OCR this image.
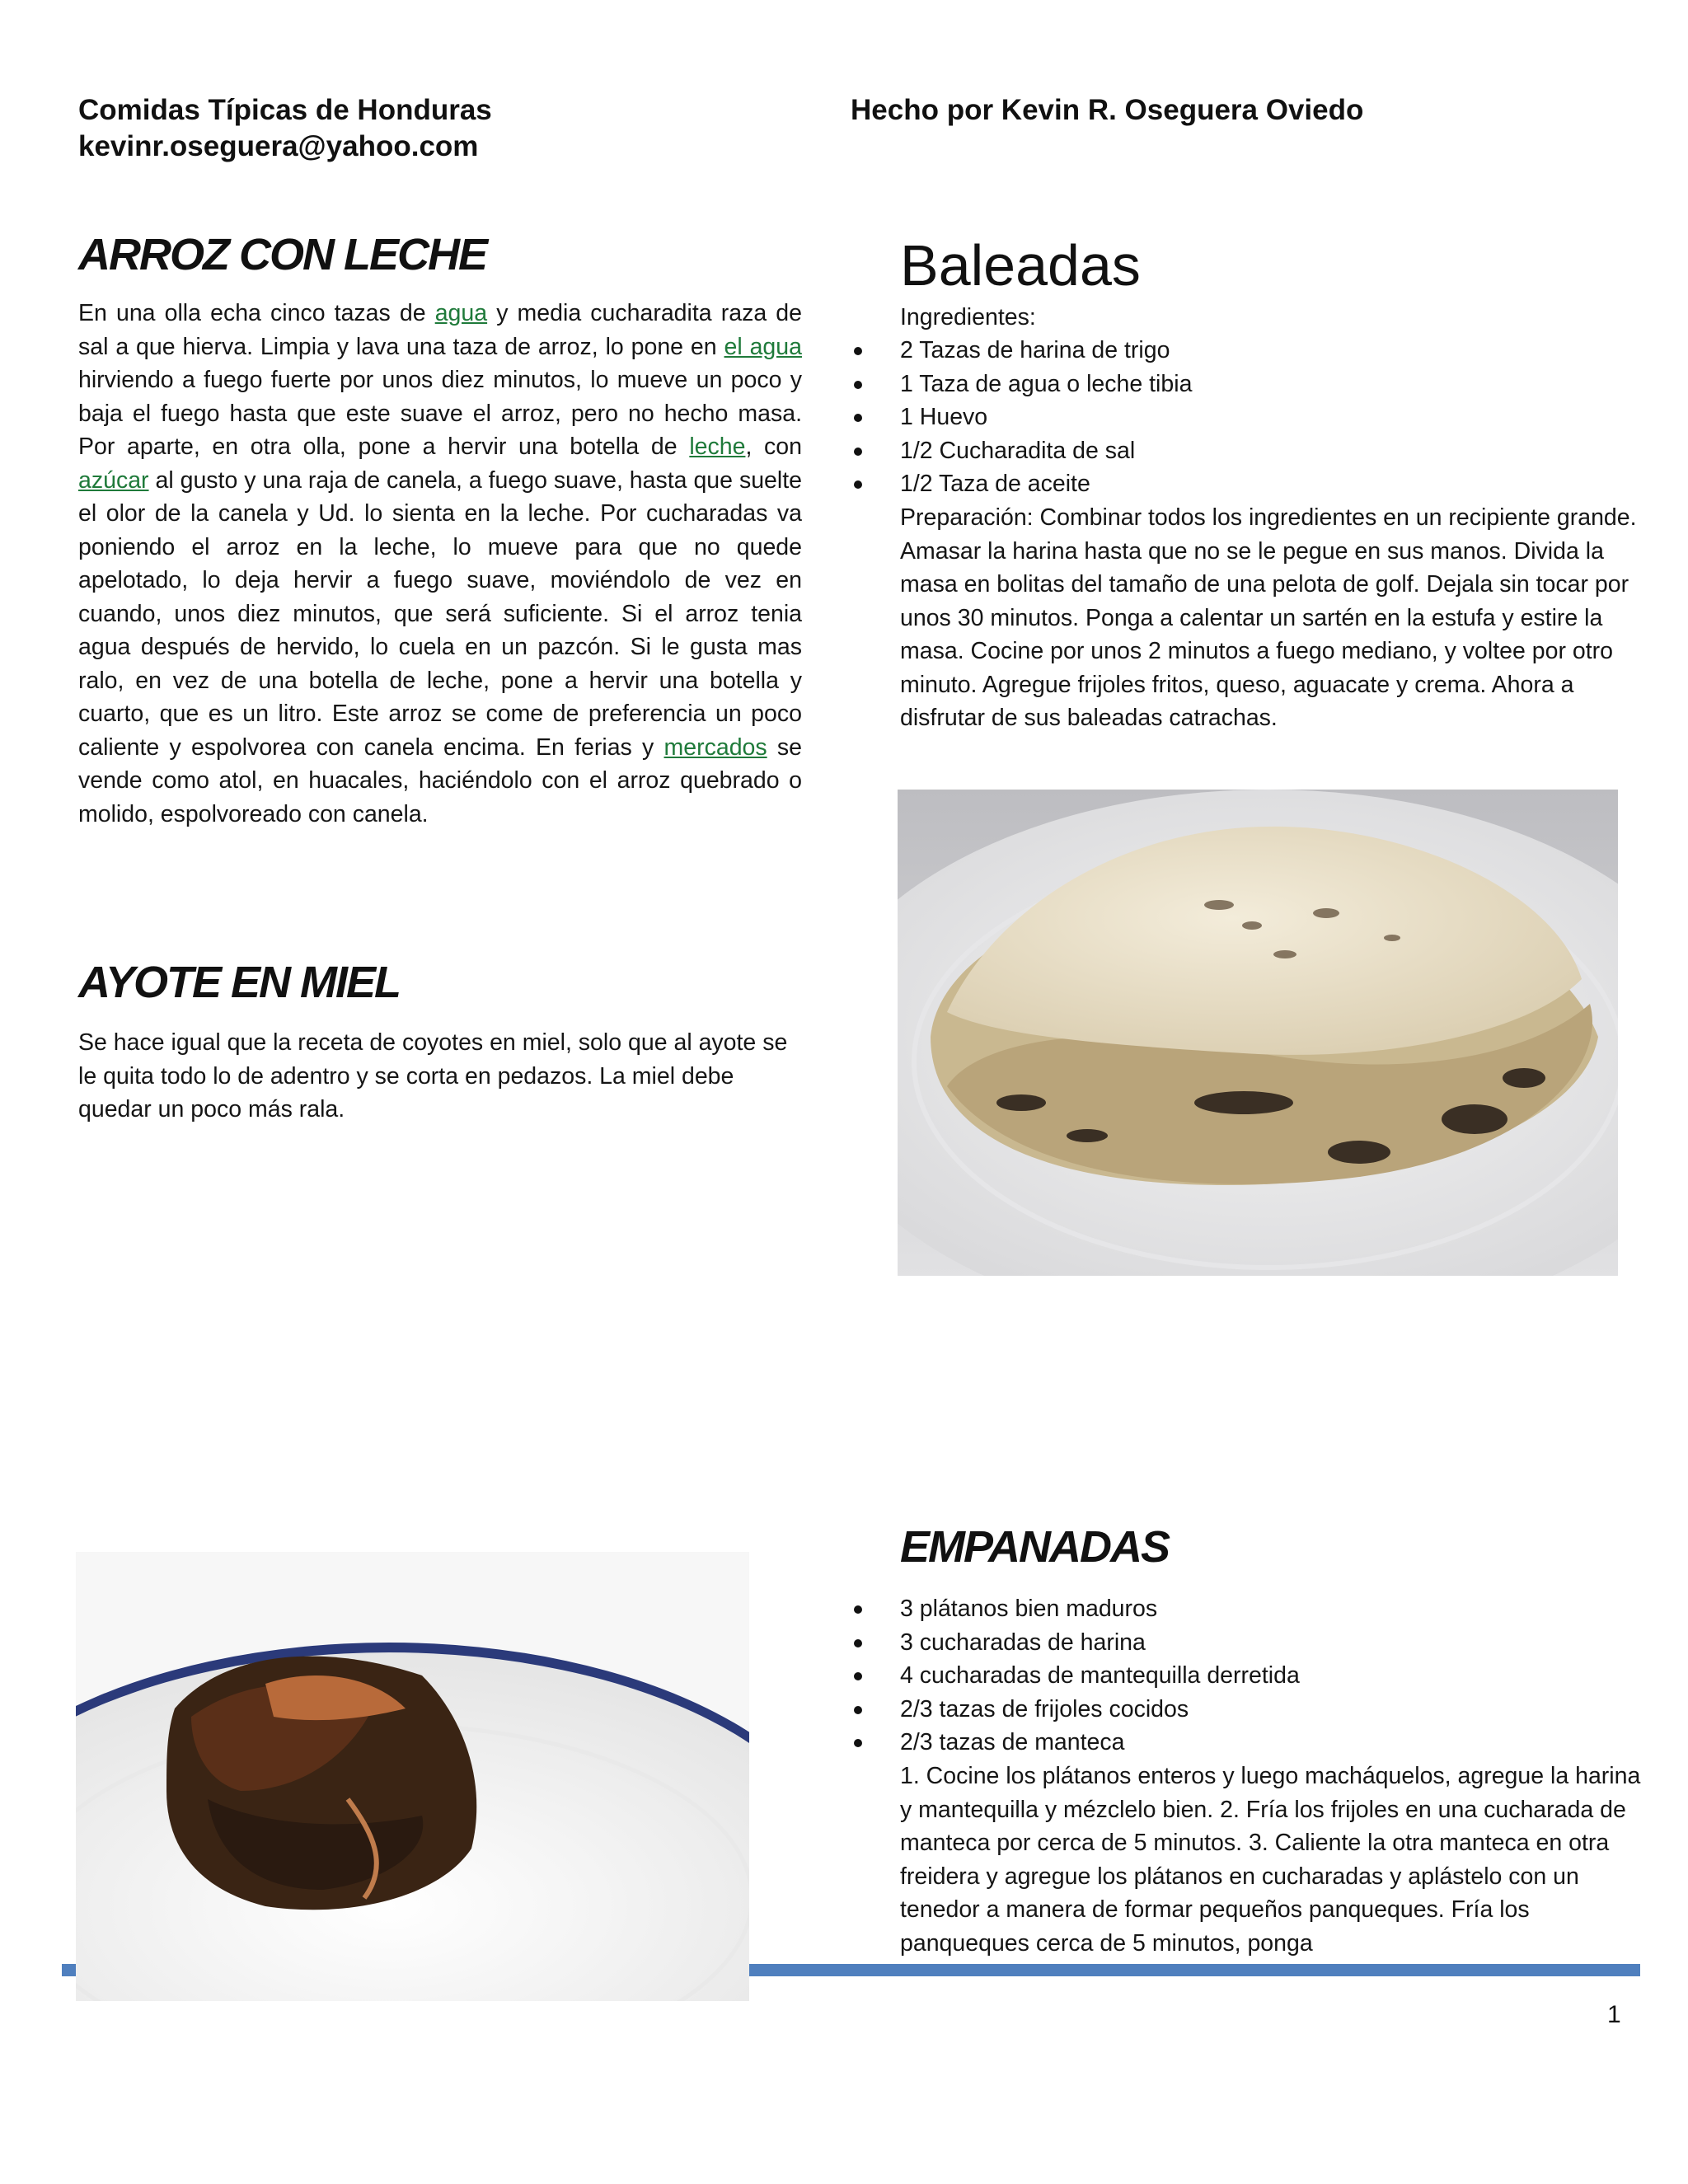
Comidas Típicas de Honduras
kevinr.oseguera@yahoo.com
Hecho por Kevin R. Oseguera Oviedo
ARROZ CON LECHE
En una olla echa cinco tazas de agua y media cucharadita raza de sal a que hierva. Limpia y lava una taza de arroz, lo pone en el agua hirviendo a fuego fuerte por unos diez minutos, lo mueve un poco y baja el fuego hasta que este suave el arroz, pero no hecho masa. Por aparte, en otra olla, pone a hervir una botella de leche, con azúcar al gusto y una raja de canela, a fuego suave, hasta que suelte el olor de la canela y Ud. lo sienta en la leche. Por cucharadas va poniendo el arroz en la leche, lo mueve para que no quede apelotado, lo deja hervir a fuego suave, moviéndolo de vez en cuando, unos diez minutos, que será suficiente. Si el arroz tenia agua después de hervido, lo cuela en un pazcón. Si le gusta mas ralo, en vez de una botella de leche, pone a hervir una botella y cuarto, que es un litro. Este arroz se come de preferencia un poco caliente y espolvorea con canela encima. En ferias y mercados se vende como atol, en huacales, haciéndolo con el arroz quebrado o molido, espolvoreado con canela.
AYOTE EN MIEL
Se hace igual que la receta de coyotes en miel, solo que al ayote se le quita todo lo de adentro y se corta en pedazos. La miel debe quedar un poco más rala.
Baleadas
Ingredientes:
2 Tazas de harina de trigo
1 Taza de agua o leche tibia
1 Huevo
1/2 Cucharadita de sal
1/2 Taza de aceite
Preparación: Combinar todos los ingredientes en un recipiente grande. Amasar la harina hasta que no se le pegue en sus manos. Divida la masa en bolitas del tamaño de una pelota de golf. Dejala sin tocar por unos 30 minutos. Ponga a calentar un sartén en la estufa y estire la masa. Cocine por unos 2 minutos a fuego mediano, y voltee por otro minuto. Agregue frijoles fritos, queso, aguacate y crema. Ahora a disfrutar de sus baleadas catrachas.
EMPANADAS
3 plátanos bien maduros
3 cucharadas de harina
4 cucharadas de mantequilla derretida
2/3 tazas de frijoles cocidos
2/3 tazas de manteca
1. Cocine los plátanos enteros y luego macháquelos, agregue la harina y mantequilla y mézclelo bien. 2. Fría los frijoles en una cucharada de manteca por cerca de 5 minutos. 3. Caliente la otra manteca en otra freidera y agregue los plátanos en cucharadas y aplástelo con un tenedor a manera de formar pequeños panqueques. Fría los panqueques cerca de 5 minutos, ponga
1
